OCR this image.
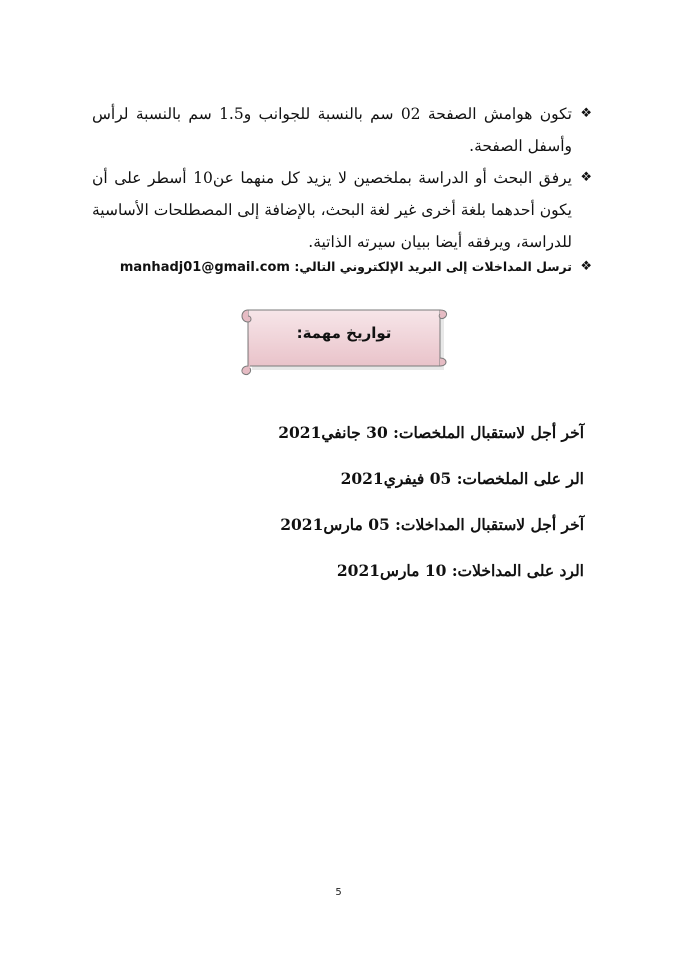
❖
تكون هوامش الصفحة 02 سم بالنسبة للجوانب و1.5 سم بالنسبة لرأس وأسفل الصفحة.

❖
يرفق البحث أو الدراسة بملخصين لا يزيد كل منهما عن10 أسطر على أن يكون أحدهما بلغة أخرى غير لغة البحث، بالإضافة إلى المصطلحات الأساسية للدراسة، ويرفقه أيضا ببيان سيرته الذاتية.

❖
ترسل المداخلات إلى البريد الإلكتروني التالي: manhadj01@gmail.com

تواريخ مهمة:
آخر أجل لاستقبال الملخصات: 30 جانفي2021
الر على الملخصات: 05 فيفري2021
آخر أجل لاستقبال المداخلات: 05 مارس2021
الرد على المداخلات: 10 مارس2021
5
